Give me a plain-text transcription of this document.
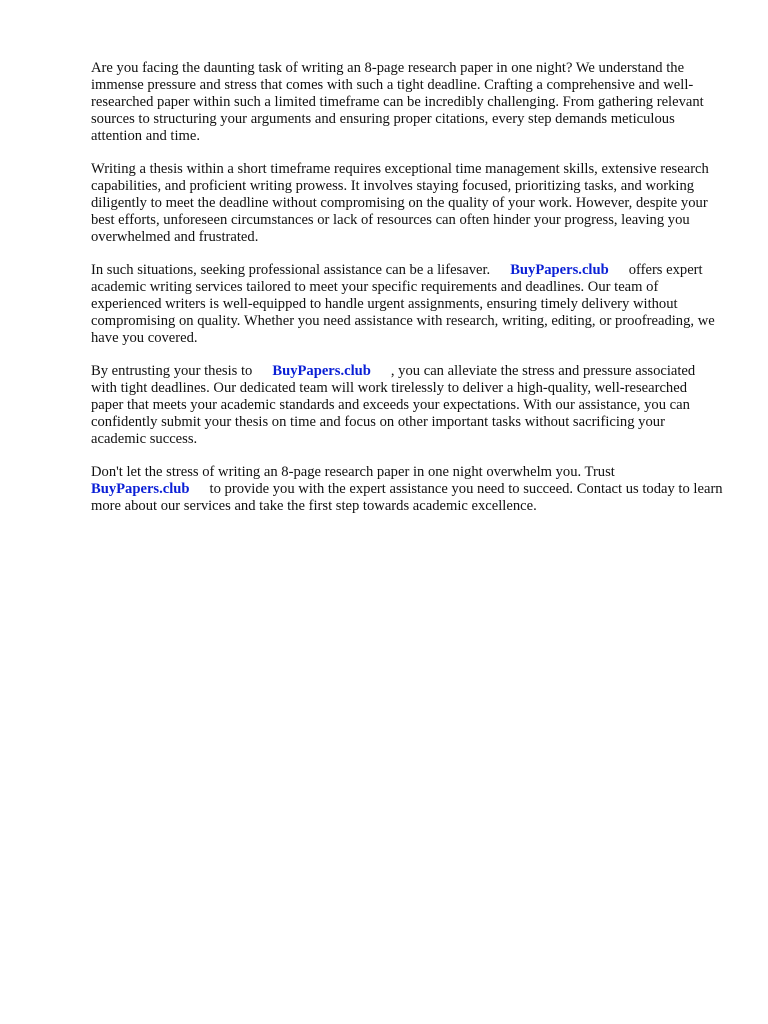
Are you facing the daunting task of writing an 8-page research paper in one night? We understand the immense pressure and stress that comes with such a tight deadline. Crafting a comprehensive and well-researched paper within such a limited timeframe can be incredibly challenging. From gathering relevant sources to structuring your arguments and ensuring proper citations, every step demands meticulous attention and time.

Writing a thesis within a short timeframe requires exceptional time management skills, extensive research capabilities, and proficient writing prowess. It involves staying focused, prioritizing tasks, and working diligently to meet the deadline without compromising on the quality of your work. However, despite your best efforts, unforeseen circumstances or lack of resources can often hinder your progress, leaving you overwhelmed and frustrated.

In such situations, seeking professional assistance can be a lifesaver. BuyPapers.club offers expert academic writing services tailored to meet your specific requirements and deadlines. Our team of experienced writers is well-equipped to handle urgent assignments, ensuring timely delivery without compromising on quality. Whether you need assistance with research, writing, editing, or proofreading, we have you covered.

By entrusting your thesis to BuyPapers.club , you can alleviate the stress and pressure associated with tight deadlines. Our dedicated team will work tirelessly to deliver a high-quality, well-researched paper that meets your academic standards and exceeds your expectations. With our assistance, you can confidently submit your thesis on time and focus on other important tasks without sacrificing your academic success.

Don't let the stress of writing an 8-page research paper in one night overwhelm you. Trust BuyPapers.club to provide you with the expert assistance you need to succeed. Contact us today to learn more about our services and take the first step towards academic excellence.
